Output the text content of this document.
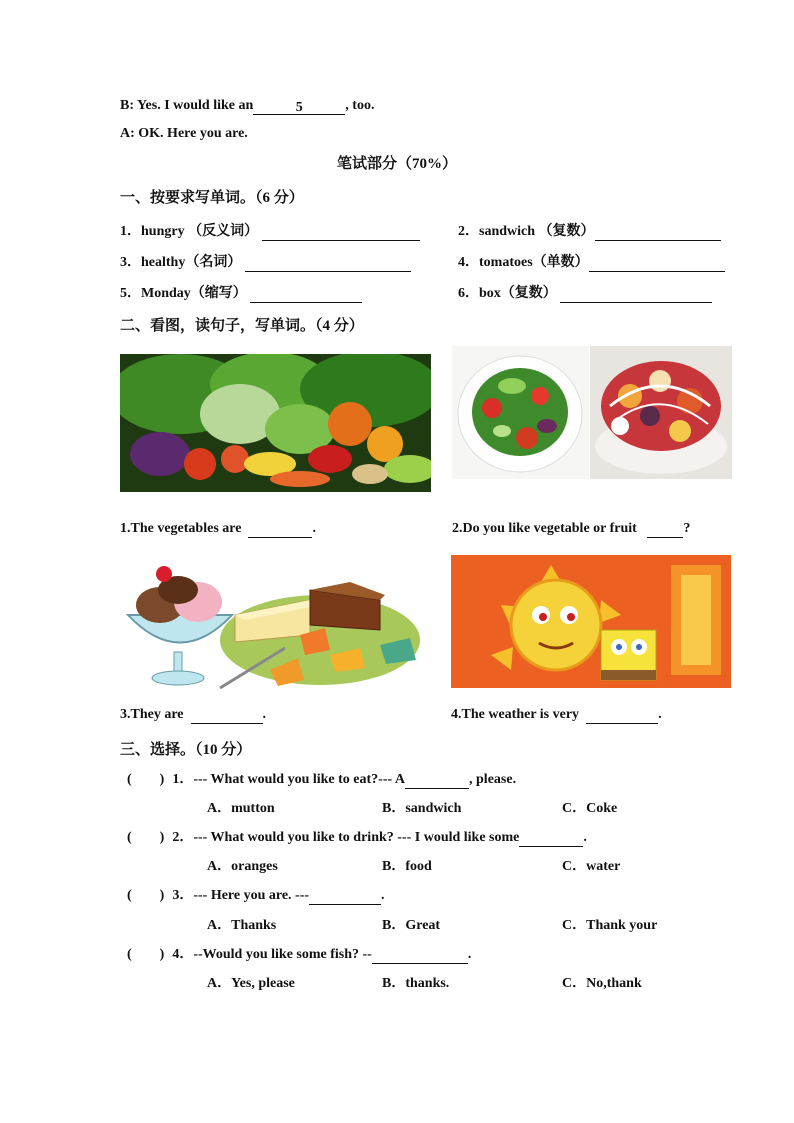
B: Yes. I would like an	5	, too.
A: OK. Here you are.
笔试部分（70%）
一、按要求写单词。（6 分）
1．hungry （反义词）	2．sandwich （复数）
3．healthy（名词）	4．tomatoes（单数）
5．Monday（缩写）	6．box（复数）
二、看图，读句子，写单词。（4 分）
1.The vegetables are	.	2.Do you like vegetable or fruit	?
3.They are	.	4.The weather is very	.
三、选择。（10 分）
(　　) 1．--- What would you like to eat?--- A	, please.
A．mutton	B．sandwich	C．Coke
(　　) 2．--- What would you like to drink? --- I would like some	.
A．oranges	B．food	C．water
(　　) 3．--- Here you are. ---	.
A．Thanks	B．Great	C．Thank your
(　　) 4．--Would you like some fish? --	.
A．Yes, please	B．thanks.	C．No,thank
